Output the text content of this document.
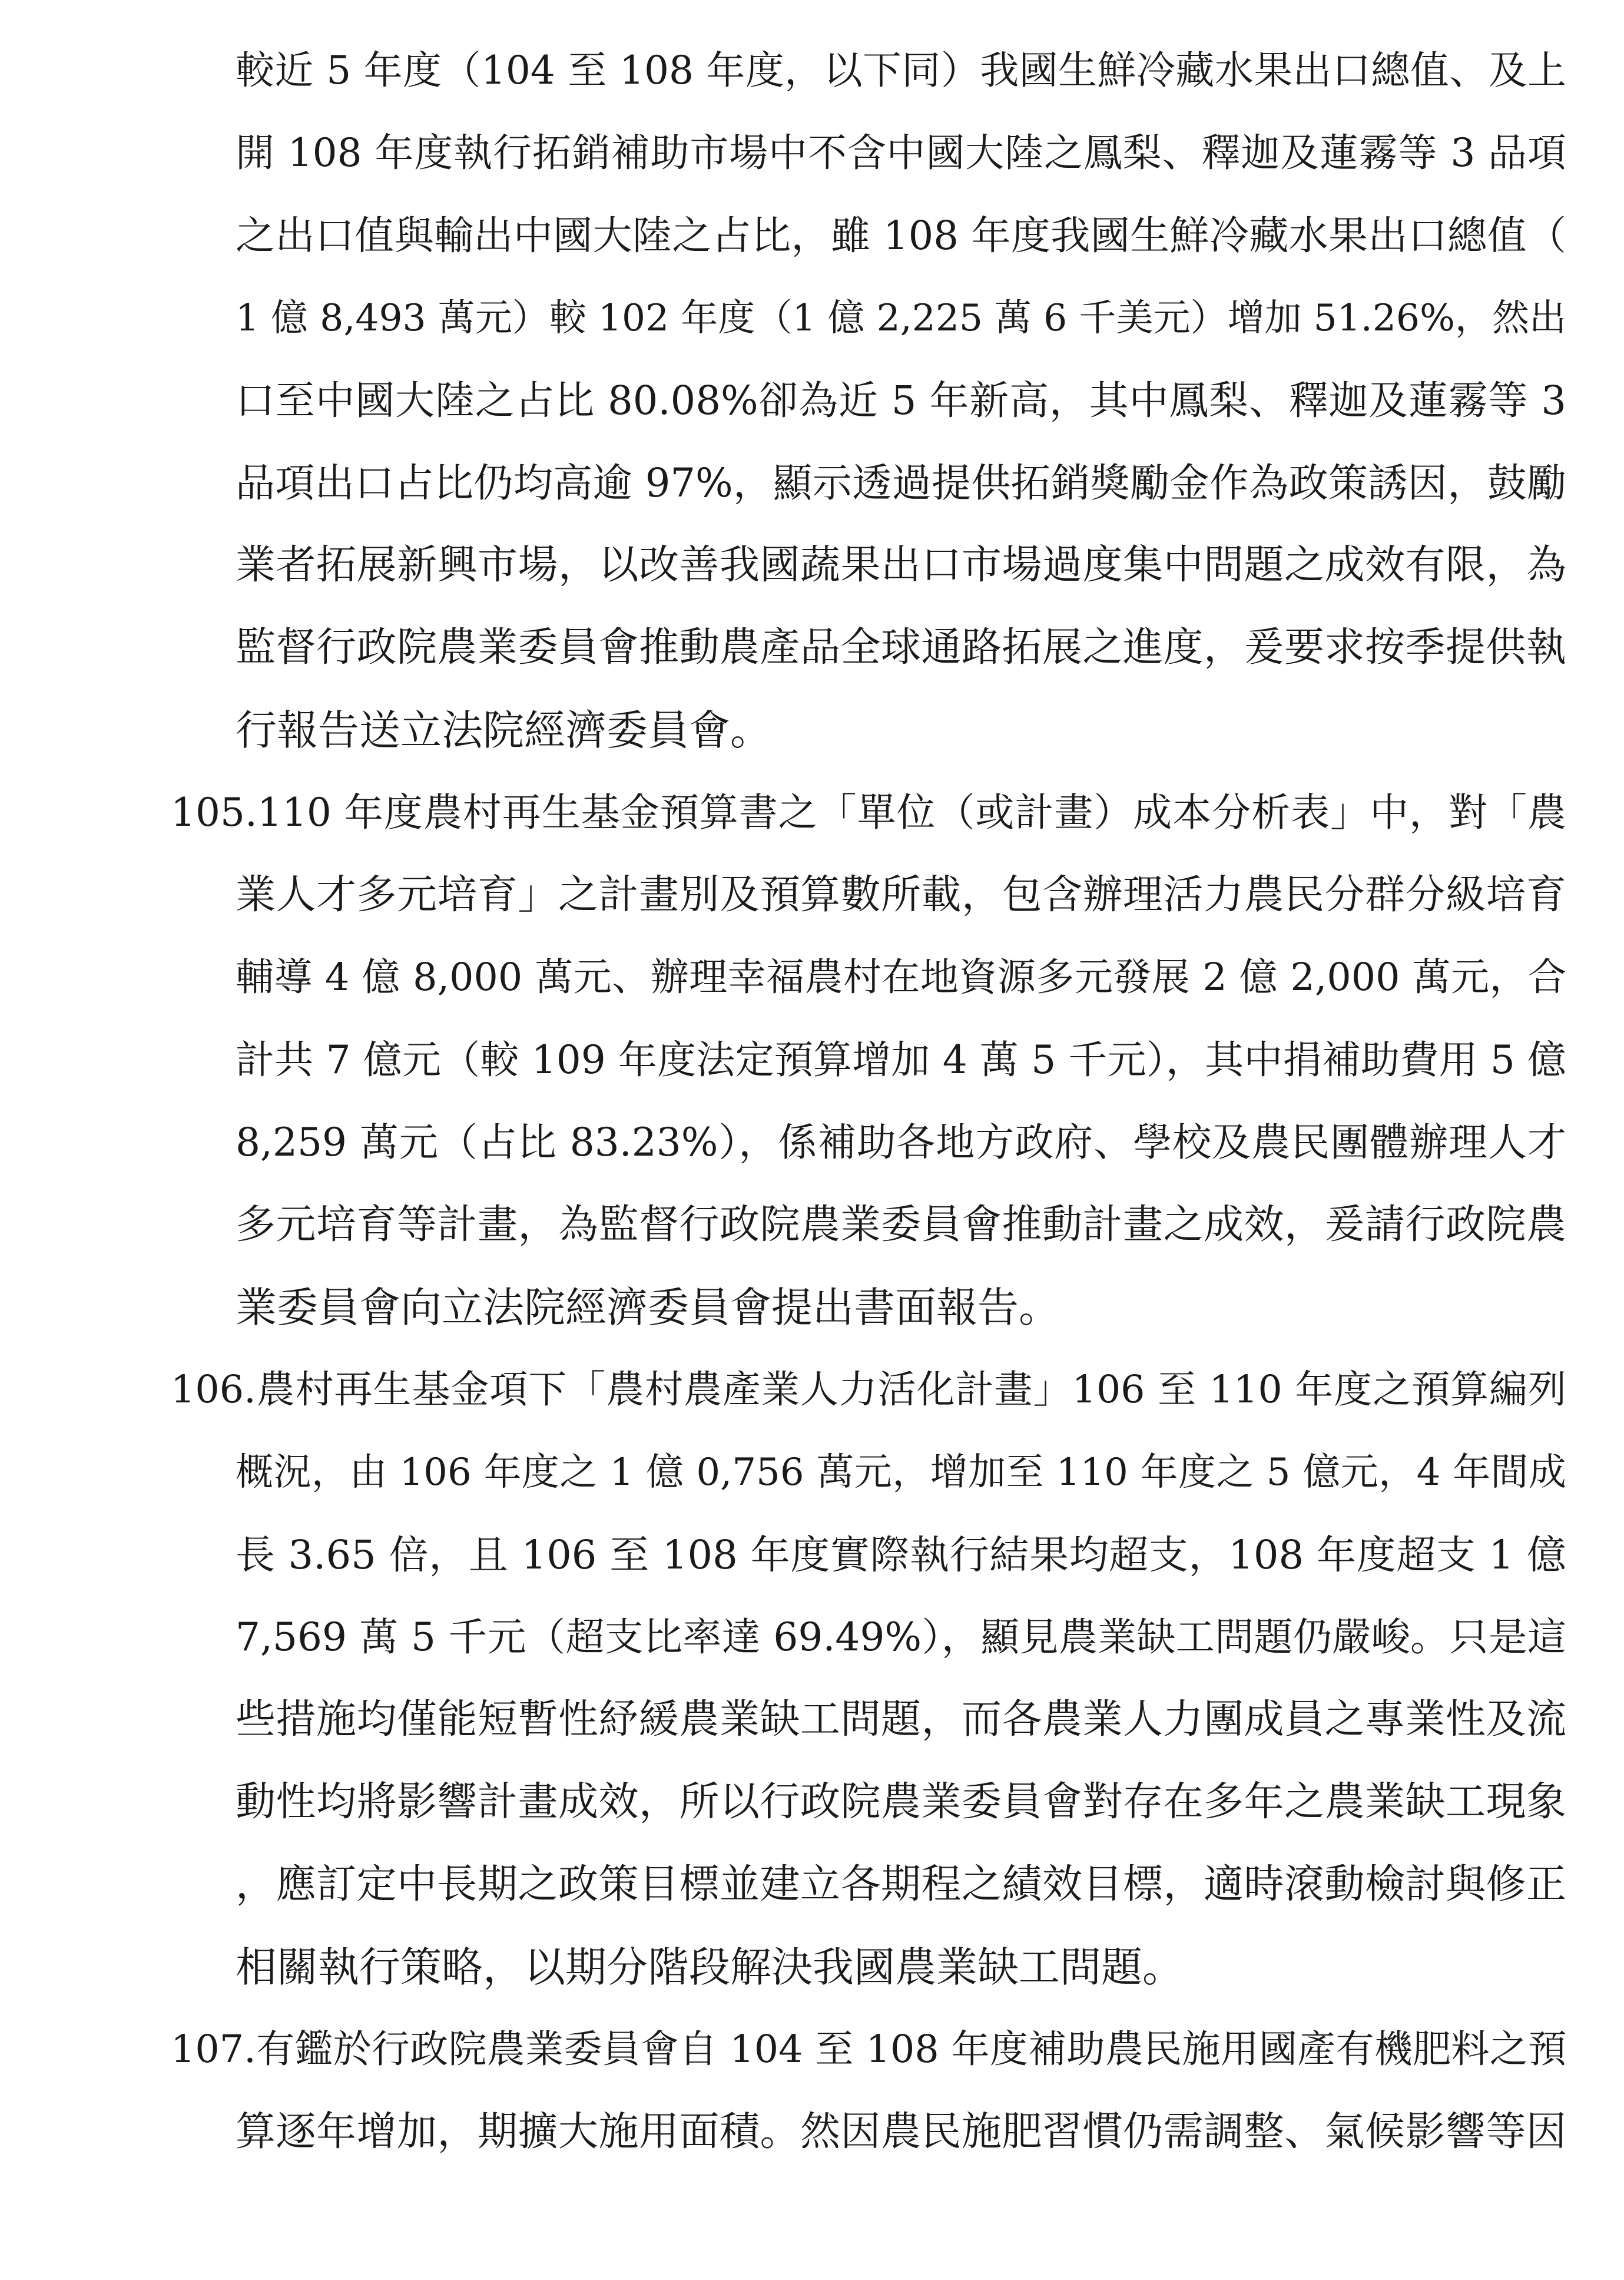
較近 5 年度（104 至 108 年度，以下同）我國生鮮冷藏水果出口總值、及上
開 108 年度執行拓銷補助市場中不含中國大陸之鳳梨、釋迦及蓮霧等 3 品項
之出口值與輸出中國大陸之占比，雖 108 年度我國生鮮冷藏水果出口總值（
1 億 8,493 萬元）較 102 年度（1 億 2,225 萬 6 千美元）增加 51.26%，然出
口至中國大陸之占比 80.08%卻為近 5 年新高，其中鳳梨、釋迦及蓮霧等 3
品項出口占比仍均高逾 97%，顯示透過提供拓銷獎勵金作為政策誘因，鼓勵
業者拓展新興市場，以改善我國蔬果出口市場過度集中問題之成效有限，為
監督行政院農業委員會推動農產品全球通路拓展之進度，爰要求按季提供執
行報告送立法院經濟委員會。
105.110 年度農村再生基金預算書之「單位（或計畫）成本分析表」中，對「農
業人才多元培育」之計畫別及預算數所載，包含辦理活力農民分群分級培育
輔導 4 億 8,000 萬元、辦理幸福農村在地資源多元發展 2 億 2,000 萬元，合
計共 7 億元（較 109 年度法定預算增加 4 萬 5 千元），其中捐補助費用 5 億
8,259 萬元（占比 83.23%），係補助各地方政府、學校及農民團體辦理人才
多元培育等計畫，為監督行政院農業委員會推動計畫之成效，爰請行政院農
業委員會向立法院經濟委員會提出書面報告。
106.農村再生基金項下「農村農產業人力活化計畫」106 至 110 年度之預算編列
概況，由 106 年度之 1 億 0,756 萬元，增加至 110 年度之 5 億元，4 年間成
長 3.65 倍，且 106 至 108 年度實際執行結果均超支，108 年度超支 1 億
7,569 萬 5 千元（超支比率達 69.49%），顯見農業缺工問題仍嚴峻。只是這
些措施均僅能短暫性紓緩農業缺工問題，而各農業人力團成員之專業性及流
動性均將影響計畫成效，所以行政院農業委員會對存在多年之農業缺工現象
，應訂定中長期之政策目標並建立各期程之績效目標，適時滾動檢討與修正
相關執行策略，以期分階段解決我國農業缺工問題。
107.有鑑於行政院農業委員會自 104 至 108 年度補助農民施用國產有機肥料之預
算逐年增加，期擴大施用面積。然因農民施肥習慣仍需調整、氣候影響等因
